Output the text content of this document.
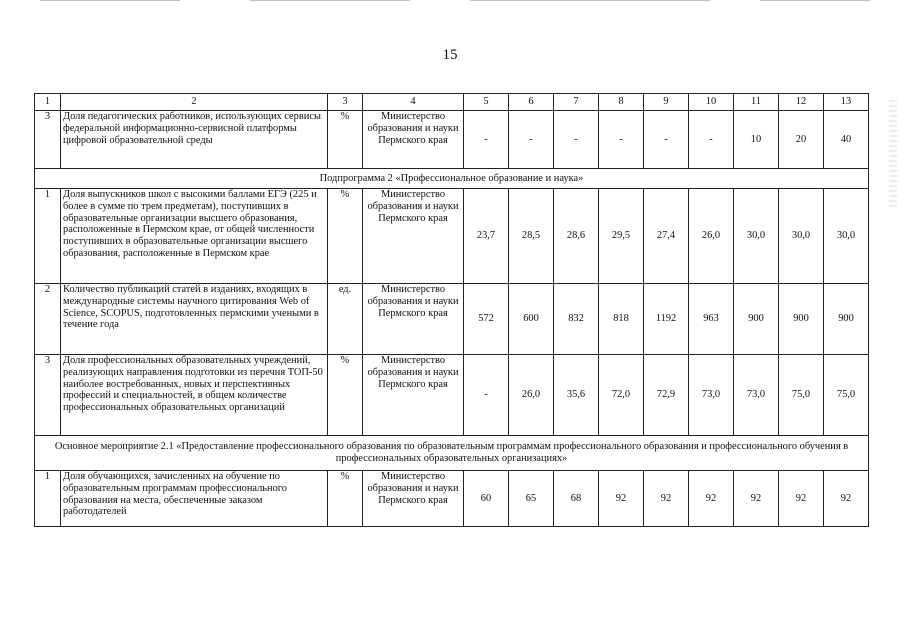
15
1	2	3	4	5	6	7	8	9	10	11	12	13
3	Доля педагогических работников, использующих сервисы федеральной информационно-сервисной платформы цифровой образовательной среды	%	Министерство образования и науки Пермского края	-	-	-	-	-	-	10	20	40
Подпрограмма 2 «Профессиональное образование и наука»												
1	Доля выпускников школ с высокими баллами ЕГЭ (225 и более в сумме по трем предметам), поступивших в образовательные организации высшего образования, расположенные в Пермском крае, от общей численности поступивших в образовательные организации высшего образования, расположенные в Пермском крае	%	Министерство образования и науки Пермского края	23,7	28,5	28,6	29,5	27,4	26,0	30,0	30,0	30,0
2	Количество публикаций статей в изданиях, входящих в международные системы научного цитирования Web of Science, SCOPUS, подготовленных пермскими учеными в течение года	ед.	Министерство образования и науки Пермского края	572	600	832	818	1192	963	900	900	900
3	Доля профессиональных образовательных учреждений, реализующих направления подготовки из перечня ТОП-50 наиболее востребованных, новых и перспективных профессий и специальностей, в общем количестве профессиональных образовательных организаций	%	Министерство образования и науки Пермского края	-	26,0	35,6	72,0	72,9	73,0	73,0	75,0	75,0
Основное мероприятие 2.1 «Предоставление профессионального образования по образовательным программам профессионального образования и профессионального обучения в профессиональных образовательных организациях»												
1	Доля обучающихся, зачисленных на обучение по образовательным программам профессионального образования на места, обеспеченные заказом работодателей	%	Министерство образования и науки Пермского края	60	65	68	92	92	92	92	92	92
